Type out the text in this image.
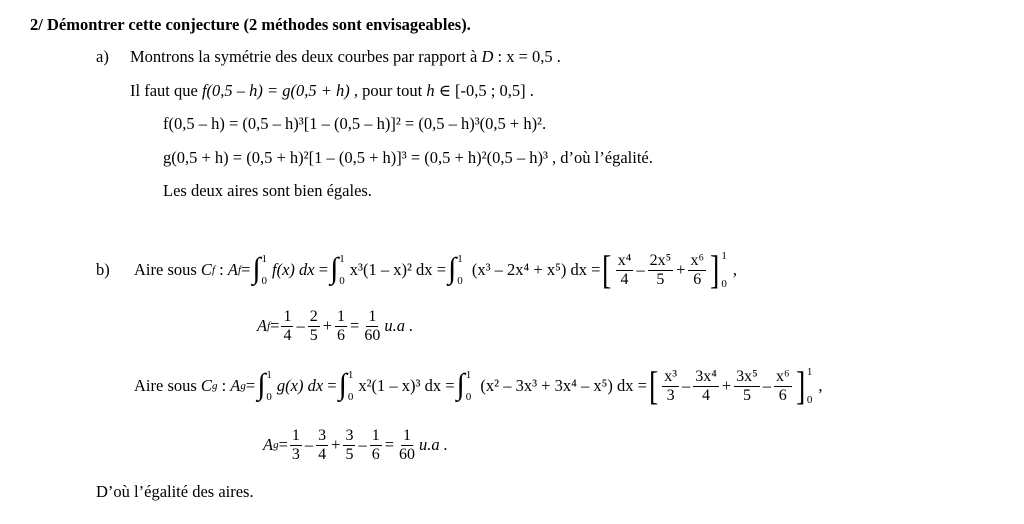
2/ Démontrer cette conjecture (2 méthodes sont envisageables).
a) Montrons la symétrie des deux courbes par rapport à D : x = 0,5 .
Il faut que f(0,5 – h) = g(0,5 + h) , pour tout h ∈ [-0,5 ; 0,5] .
f(0,5 – h) = (0,5 – h)³[1 – (0,5 – h)]² = (0,5 – h)³(0,5 + h)².
g(0,5 + h) = (0,5 + h)²[1 – (0,5 + h)]³ = (0,5 + h)²(0,5 – h)³ , d’où l’égalité.
Les deux aires sont bien égales.
b) Aire sous
C f : A f = ∫ 1
0
f(x) dx
= ∫ 1
0
x³(1 – x)² dx
= ∫ 1
0

(x³ – 2x⁴ + x⁵) dx
= [ $\frac{\text{x⁴}}{4} - \frac{\text{2x⁵}}{5} + \frac{\text{x⁶}}{6}$ ] 1
0
,
A $f = \frac{1}{4} - \frac{2}{5} + \frac{1}{6} = \frac{1}{60} u.a$ .
Aire sous
C g : A g = ∫ 1
0
g(x) dx
= ∫ 1
0
x²(1 – x)³ dx
= ∫ 1
0

(x² – 3x³ + 3x⁴ – x⁵) dx
= [ $\frac{\text{x³}}{3} - \frac{\text{3x⁴}}{4} + \frac{\text{3x⁵}}{5} - \frac{\text{x⁶}}{6}$ ] 1
0
,
A $g = \frac{1}{3} - \frac{3}{4} + \frac{3}{5} - \frac{1}{6} = \frac{1}{60} u.a$ .
D’où l’égalité des aires.
